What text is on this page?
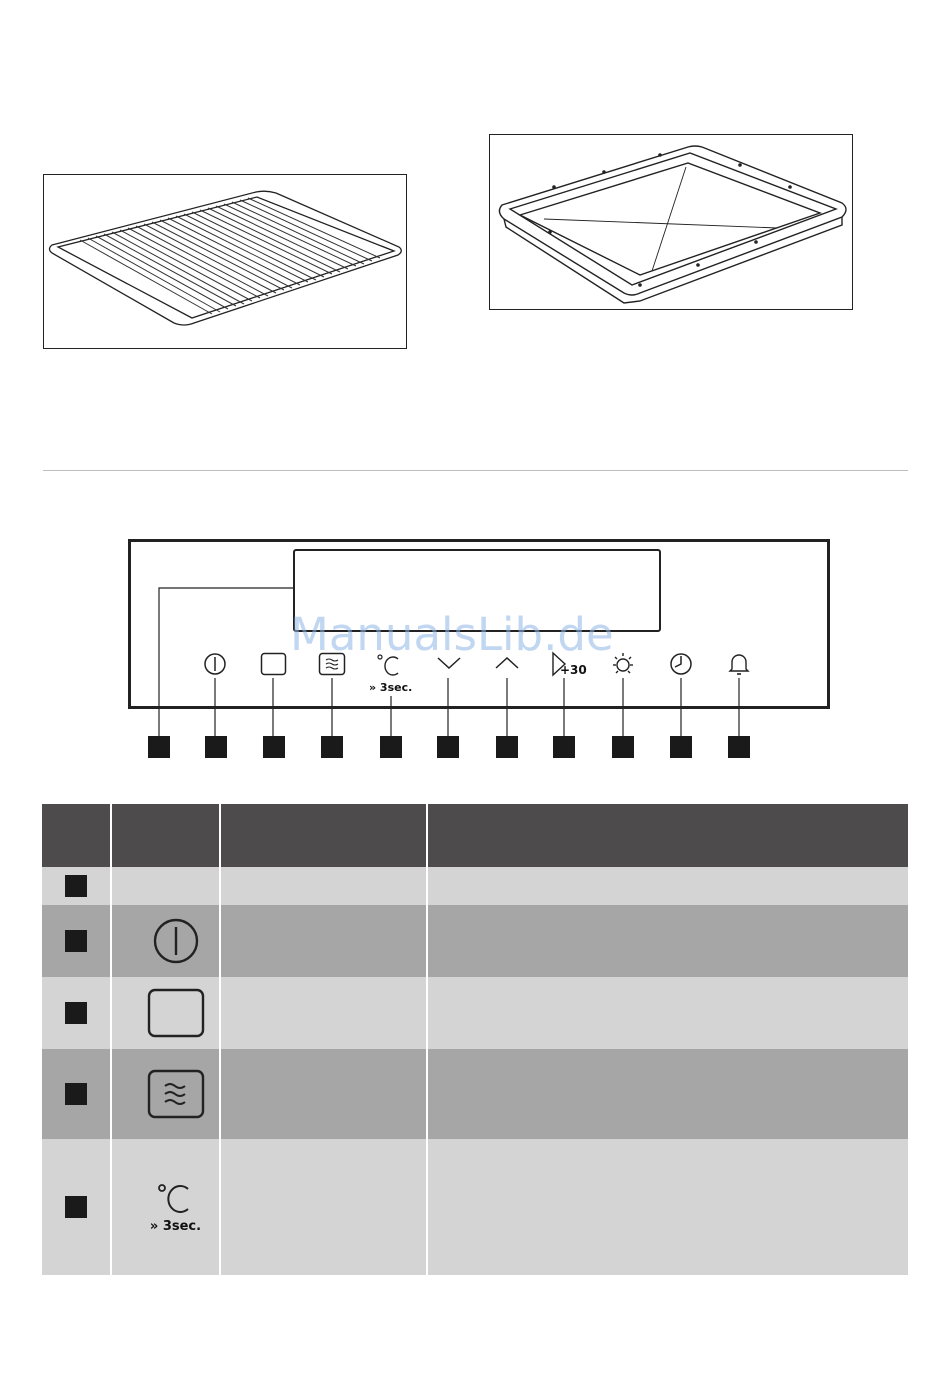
ManualsLib.de
» 3sec.
+30

	» 3sec.		
